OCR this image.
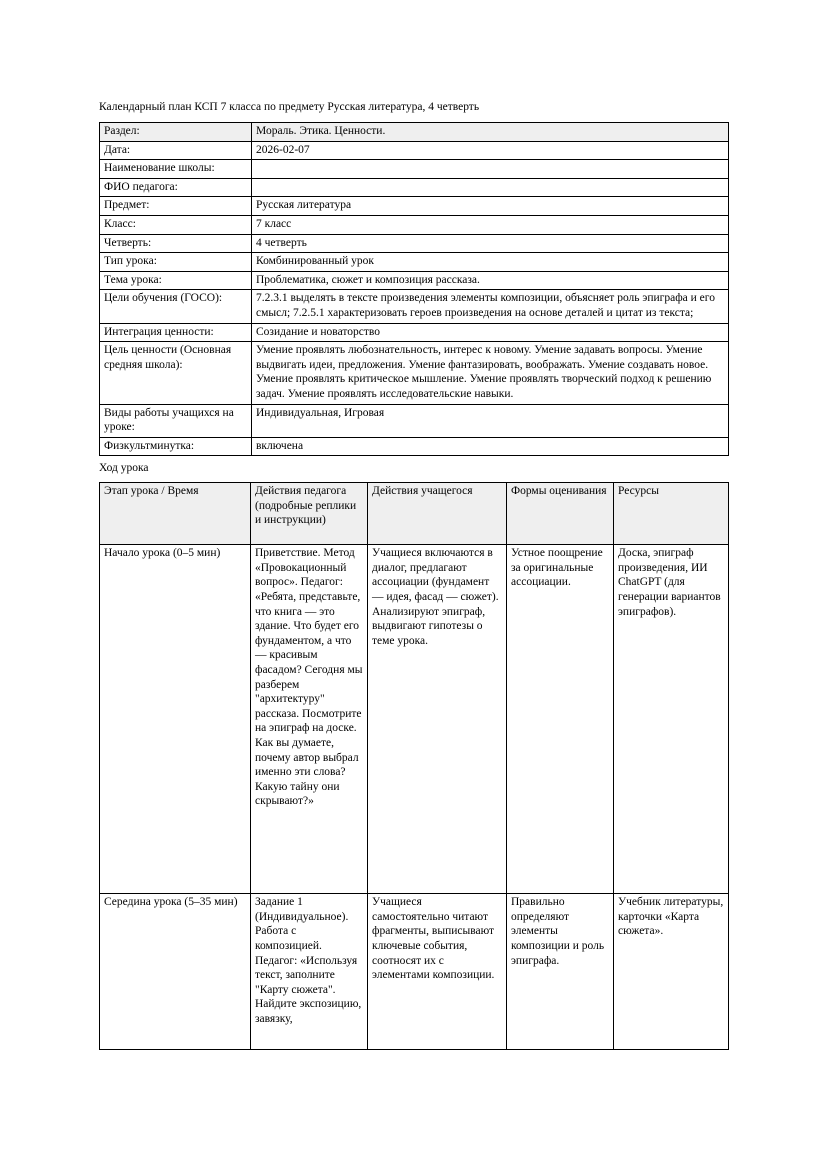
Календарный план КСП 7 класса по предмету Русская литература, 4 четверть

Раздел:	Мораль. Этика. Ценности.
Дата:	2026-02-07
Наименование школы:	
ФИО педагога:	
Предмет:	Русская литература
Класс:	7 класс
Четверть:	4 четверть
Тип урока:	Комбинированный урок
Тема урока:	Проблематика, сюжет и композиция рассказа.
Цели обучения (ГОСО):	7.2.3.1 выделять в тексте произведения элементы композиции, объясняет роль эпиграфа и его смысл; 7.2.5.1 характеризовать героев произведения на основе деталей и цитат из текста;
Интеграция ценности:	Созидание и новаторство
Цель ценности (Основная средняя школа):	Умение проявлять любознательность, интерес к новому. Умение задавать вопросы. Умение выдвигать идеи, предложения. Умение фантазировать, воображать. Умение создавать новое. Умение проявлять критическое мышление. Умение проявлять творческий подход к решению задач. Умение проявлять исследовательские навыки.
Виды работы учащихся на уроке:	Индивидуальная, Игровая
Физкультминутка:	включена

Ход урока

Этап урока / Время	Действия педагога (подробные реплики и инструкции)	Действия учащегося	Формы оценивания	Ресурсы
Начало урока (0–5 мин)	Приветствие. Метод «Провокационный вопрос». Педагог: «Ребята, представьте, что книга — это здание. Что будет его фундаментом, а что — красивым фасадом? Сегодня мы разберем "архитектуру" рассказа. Посмотрите на эпиграф на доске. Как вы думаете, почему автор выбрал именно эти слова? Какую тайну они скрывают?»	Учащиеся включаются в диалог, предлагают ассоциации (фундамент — идея, фасад — сюжет). Анализируют эпиграф, выдвигают гипотезы о теме урока.	Устное поощрение за оригинальные ассоциации.	Доска, эпиграф произведения, ИИ ChatGPT (для генерации вариантов эпиграфов).
Середина урока (5–35 мин)	Задание 1 (Индивидуальное). Работа с композицией. Педагог: «Используя текст, заполните "Карту сюжета". Найдите экспозицию, завязку,	Учащиеся самостоятельно читают фрагменты, выписывают ключевые события, соотносят их с элементами композиции.	Правильно определяют элементы композиции и роль эпиграфа.	Учебник литературы, карточки «Карта сюжета».
